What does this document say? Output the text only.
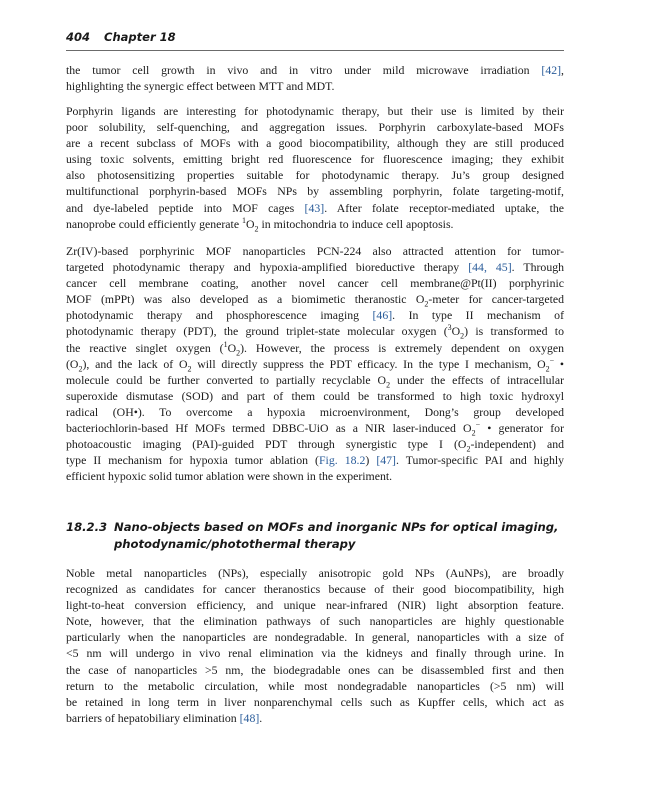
404 Chapter 18
the tumor cell growth in vivo and in vitro under mild microwave irradiation [42],
highlighting the synergic effect between MTT and MDT.
Porphyrin ligands are interesting for photodynamic therapy, but their use is limited by their
poor solubility, self-quenching, and aggregation issues. Porphyrin carboxylate-based MOFs
are a recent subclass of MOFs with a good biocompatibility, although they are still produced
using toxic solvents, emitting bright red fluorescence for fluorescence imaging; they exhibit
also photosensitizing properties suitable for photodynamic therapy. Ju’s group designed
multifunctional porphyrin-based MOFs NPs by assembling porphyrin, folate targeting-motif,
and dye-labeled peptide into MOF cages [43]. After folate receptor-mediated uptake, the
nanoprobe could efficiently generate $^1O_2$ in mitochondria to induce cell apoptosis.
Zr(IV)-based porphyrinic MOF nanoparticles PCN-224 also attracted attention for tumor-
targeted photodynamic therapy and hypoxia-amplified bioreductive therapy [44, 45]. Through
cancer cell membrane coating, another novel cancer cell membrane@Pt(II) porphyrinic
MOF (mPPt) was also developed as a biomimetic theranostic $O_2$-meter for cancer-targeted
photodynamic therapy and phosphorescence imaging [46]. In type II mechanism of
photodynamic therapy (PDT), the ground triplet-state molecular oxygen $(^3O_2)$ is transformed to
the reactive singlet oxygen $(^1O_2)$. However, the process is extremely dependent on oxygen
$(O_2)$, and the lack of $O_2$ will directly suppress the PDT efficacy. In the type I mechanism, $O_2^-$ •
molecule could be further converted to partially recyclable $O_2$ under the effects of intracellular
superoxide dismutase (SOD) and part of them could be transformed to high toxic hydroxyl
radical (OH•). To overcome a hypoxia microenvironment, Dong’s group developed
bacteriochlorin-based Hf MOFs termed DBBC-UiO as a NIR laser-induced $O_2^-$ • generator for
photoacoustic imaging (PAI)-guided PDT through synergistic type I $(O_2-independent)$ and
type II mechanism for hypoxia tumor ablation (Fig. 18.2) [47]. Tumor-specific PAI and highly
efficient hypoxic solid tumor ablation were shown in the experiment.
18.2.3 Nano-objects based on MOFs and inorganic NPs for optical imaging,
photodynamic/photothermal therapy
Noble metal nanoparticles (NPs), especially anisotropic gold NPs (AuNPs), are broadly
recognized as candidates for cancer theranostics because of their good biocompatibility, high
light-to-heat conversion efficiency, and unique near-infrared (NIR) light absorption feature.
Note, however, that the elimination pathways of such nanoparticles are highly questionable
particularly when the nanoparticles are nondegradable. In general, nanoparticles with a size of
<5 nm will undergo in vivo renal elimination via the kidneys and finally through urine. In
the case of nanoparticles >5 nm, the biodegradable ones can be disassembled first and then
return to the metabolic circulation, while most nondegradable nanoparticles (>5 nm) will
be retained in long term in liver nonparenchymal cells such as Kupffer cells, which act as
barriers of hepatobiliary elimination [48].
